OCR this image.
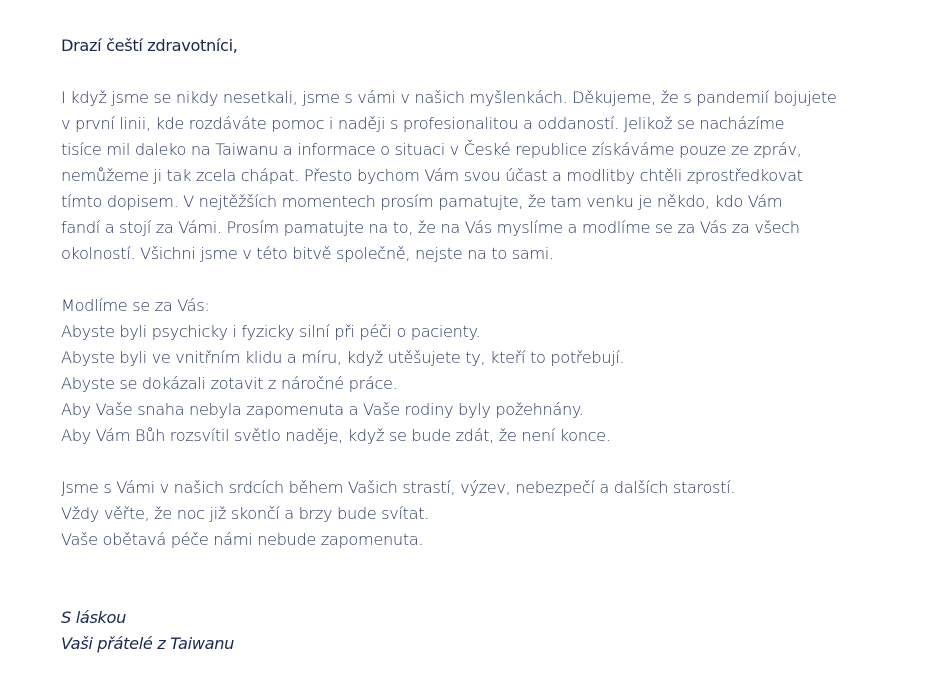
Drazí čeští zdravotníci,
I když jsme se nikdy nesetkali, jsme s vámi v našich myšlenkách. Děkujeme, že s pandemií bojujete
v první linii, kde rozdáváte pomoc i naději s profesionalitou a oddaností. Jelikož se nacházíme
tisíce mil daleko na Taiwanu a informace o situaci v České republice získáváme pouze ze zpráv,
nemůžeme ji tak zcela chápat. Přesto bychom Vám svou účast a modlitby chtěli zprostředkovat
tímto dopisem. V nejtěžších momentech prosím pamatujte, že tam venku je někdo, kdo Vám
fandí a stojí za Vámi. Prosím pamatujte na to, že na Vás myslíme a modlíme se za Vás za všech
okolností. Všichni jsme v této bitvě společně, nejste na to sami.
Modlíme se za Vás:
Abyste byli psychicky i fyzicky silní při péči o pacienty.
Abyste byli ve vnitřním klidu a míru, když utěšujete ty, kteří to potřebují.
Abyste se dokázali zotavit z náročné práce.
Aby Vaše snaha nebyla zapomenuta a Vaše rodiny byly požehnány.
Aby Vám Bůh rozsvítil světlo naděje, když se bude zdát, že není konce.
Jsme s Vámi v našich srdcích během Vašich strastí, výzev, nebezpečí a dalších starostí.
Vždy věřte, že noc již skončí a brzy bude svítat.
Vaše obětavá péče námi nebude zapomenuta.
S láskou
Vaši přátelé z Taiwanu
